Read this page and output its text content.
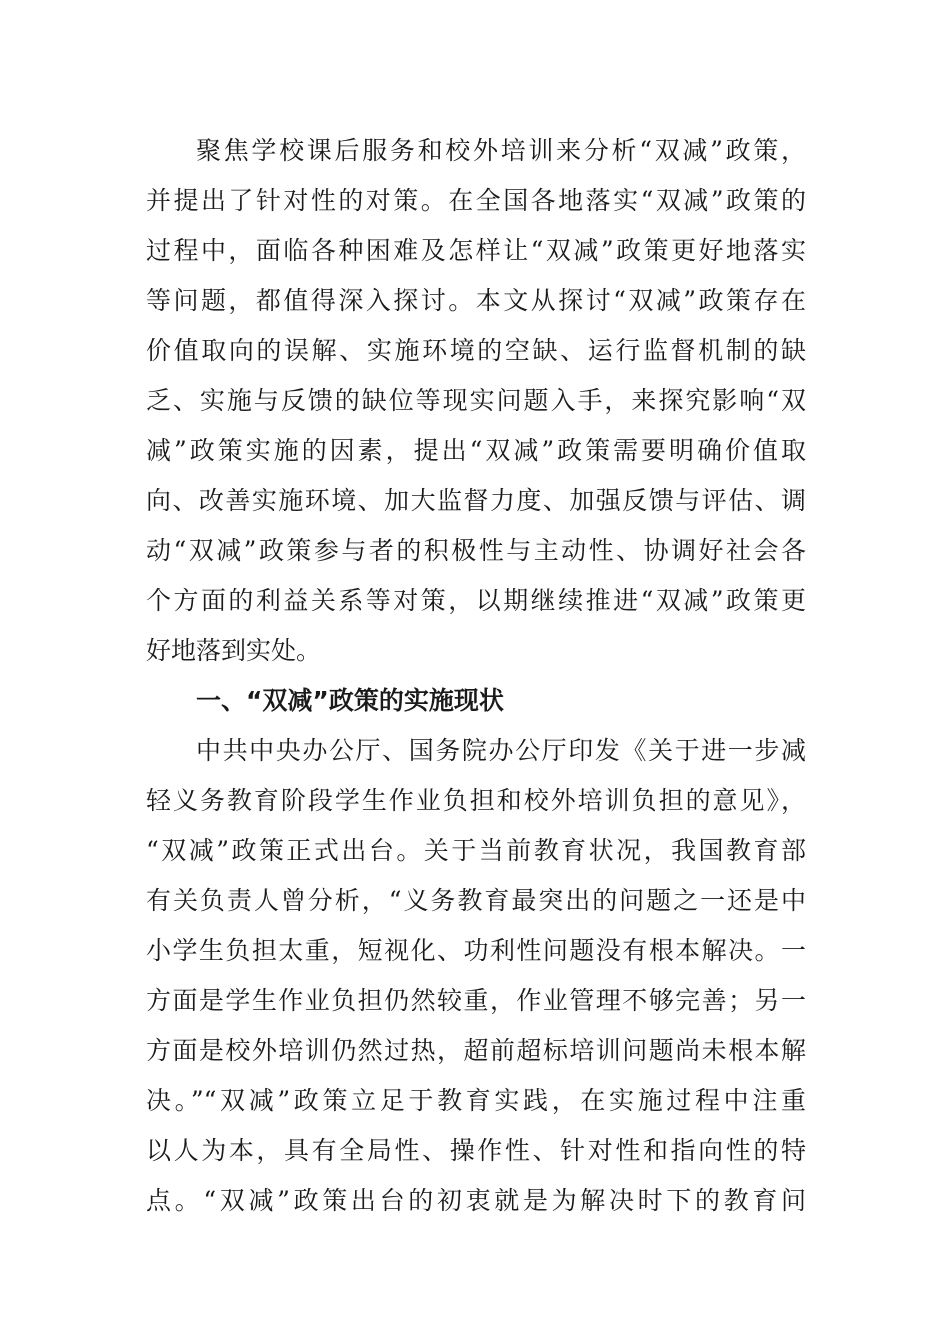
聚焦学校课后服务和校外培训来分析“双减”政策，
并提出了针对性的对策。在全国各地落实“双减”政策的
过程中，面临各种困难及怎样让“双减”政策更好地落实
等问题，都值得深入探讨。本文从探讨“双减”政策存在
价值取向的误解、实施环境的空缺、运行监督机制的缺
乏、实施与反馈的缺位等现实问题入手，来探究影响“双
减”政策实施的因素，提出“双减”政策需要明确价值取
向、改善实施环境、加大监督力度、加强反馈与评估、调
动“双减”政策参与者的积极性与主动性、协调好社会各
个方面的利益关系等对策，以期继续推进“双减”政策更
好地落到实处。
一、“双减”政策的实施现状
中共中央办公厅、国务院办公厅印发《关于进一步减
轻义务教育阶段学生作业负担和校外培训负担的意见》，
“双减”政策正式出台。关于当前教育状况，我国教育部
有关负责人曾分析，“义务教育最突出的问题之一还是中
小学生负担太重，短视化、功利性问题没有根本解决。一
方面是学生作业负担仍然较重，作业管理不够完善；另一
方面是校外培训仍然过热，超前超标培训问题尚未根本解
决。”“双减”政策立足于教育实践，在实施过程中注重
以人为本，具有全局性、操作性、针对性和指向性的特
点。“双减”政策出台的初衷就是为解决时下的教育问
